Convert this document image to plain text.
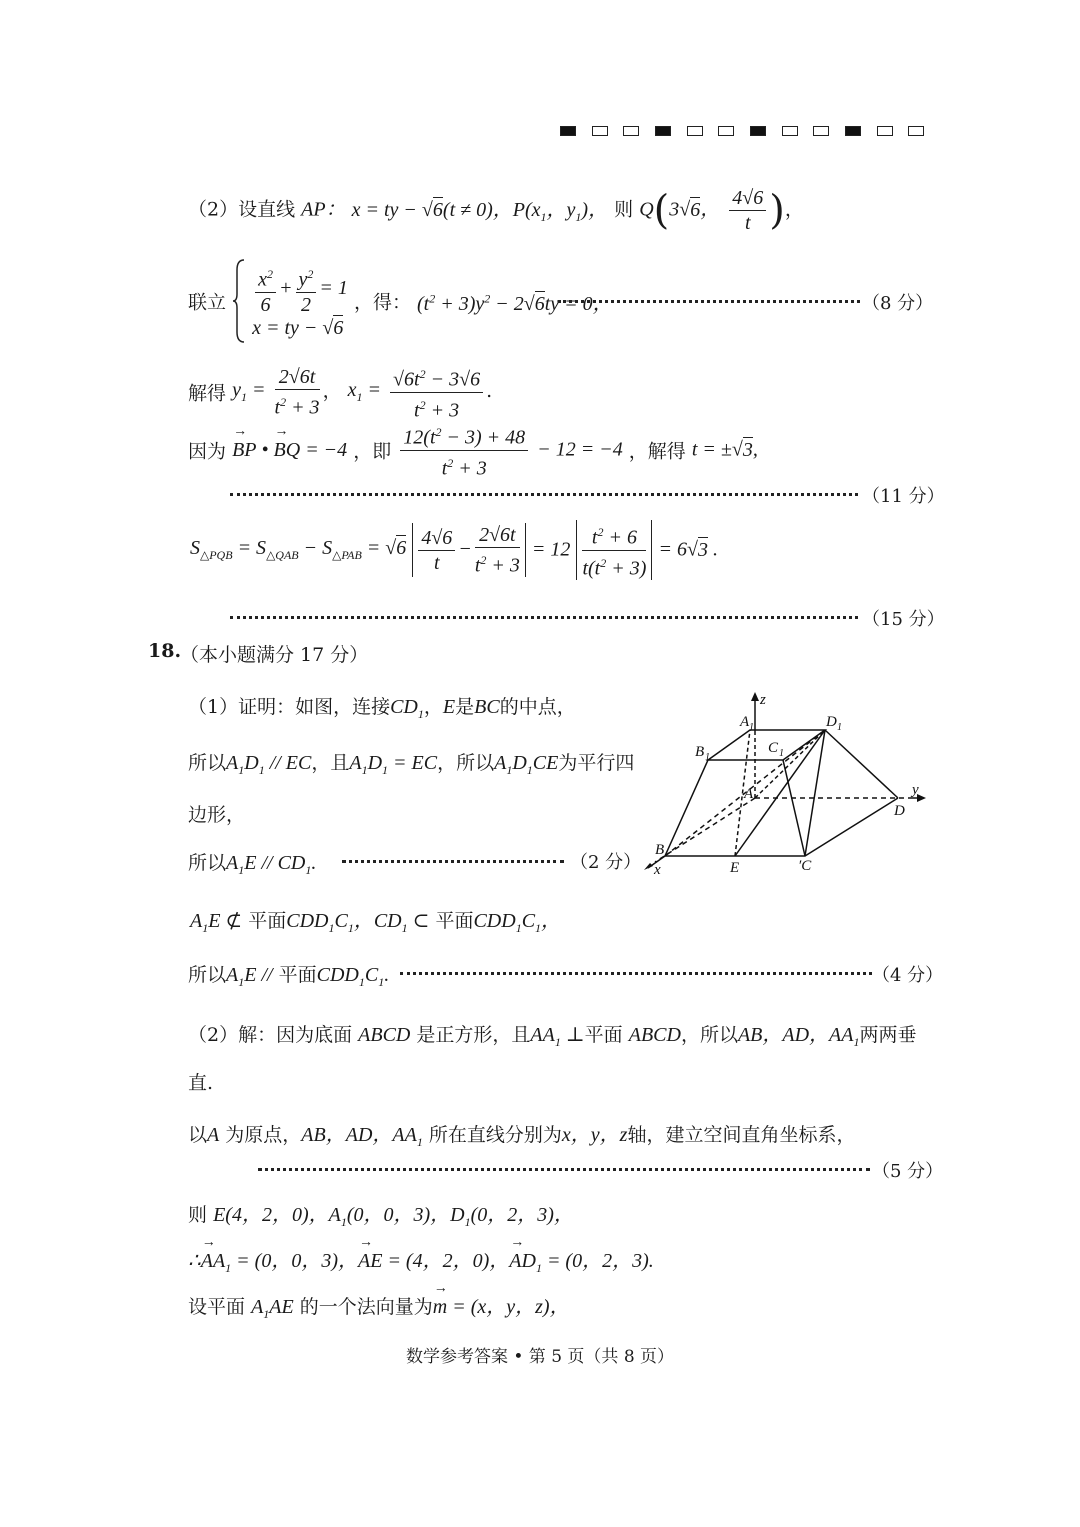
（2）设直线 AP： x = ty − √6(t ≠ 0)，$P(x_1$，$y_1$)， 则 Q(3√6， $\frac{4√6}{t}$ )，
联立 $\frac{x^2}{6} + \frac{y^2}{2} = 1$
x = ty − √6
，得： $(t^2 + 3)y^2 - 2√6ty = 0$，	（8 分）
解得 $y_1 = \frac{2√6t}{t^2 + 3}$ ， $x_1 = \frac{√6t^2 - 3√6}{t^2 + 3}$ .
因为 → BP • → BQ = −4 ，即 $\frac{12(t^2 - 3) + 48}{t^2 + 3} - 12 = -4$ ，解得 t = ±√3,
（11 分）
$S_{\triangle PQB} = S_{\triangle QAB} - S_{\triangle PAB} = √6 \frac{4√6}{t} - \frac{2√6t}{t^2 + 3} = 12 \frac{t^2 + 6}{t(t^2 + 3)} = 6√3$ .
（15 分）
18.
（本小题满分 17 分）
（1）证明：如图，连接$CD_1$，E是BC的中点，
所以$A_1D_1$ // EC，且$A_1D_1$ = EC，所以$A_1D_1CE$为平行四
边形，
所以$A_1E // CD_1$.	（2 分）
$A_1E$ ⊄ 平面$CDD_1C_1$，$CD_1$ ⊂ 平面$CDD_1C_1$，
所以$A_1E$ // 平面$CDD_1C_1$.	（4 分）
（2）解：因为底面 ABCD 是正方形，且$AA_1$ ⊥平面 ABCD，所以AB，AD，$AA_1$两两垂
直.
以A 为原点，AB，AD，$AA_1$ 所在直线分别为x，y，z轴，建立空间直角坐标系，
（5 分）
则 E(4，2，0)，$A_1(0$，0，3)，$D_1(0$，2，3)，
∴→ $AA_1 = (0$，0，3)，→ AE = (4，2，0)，→ $AD_1 = (0$，2，3).
设平面 $A_1AE$ 的一个法向量为→ m = (x，y，z)，
z
y
x
A 1	D 1
B 1
C 1
A
D
B
E	′C
数学参考答案 • 第 5 页（共 8 页）
